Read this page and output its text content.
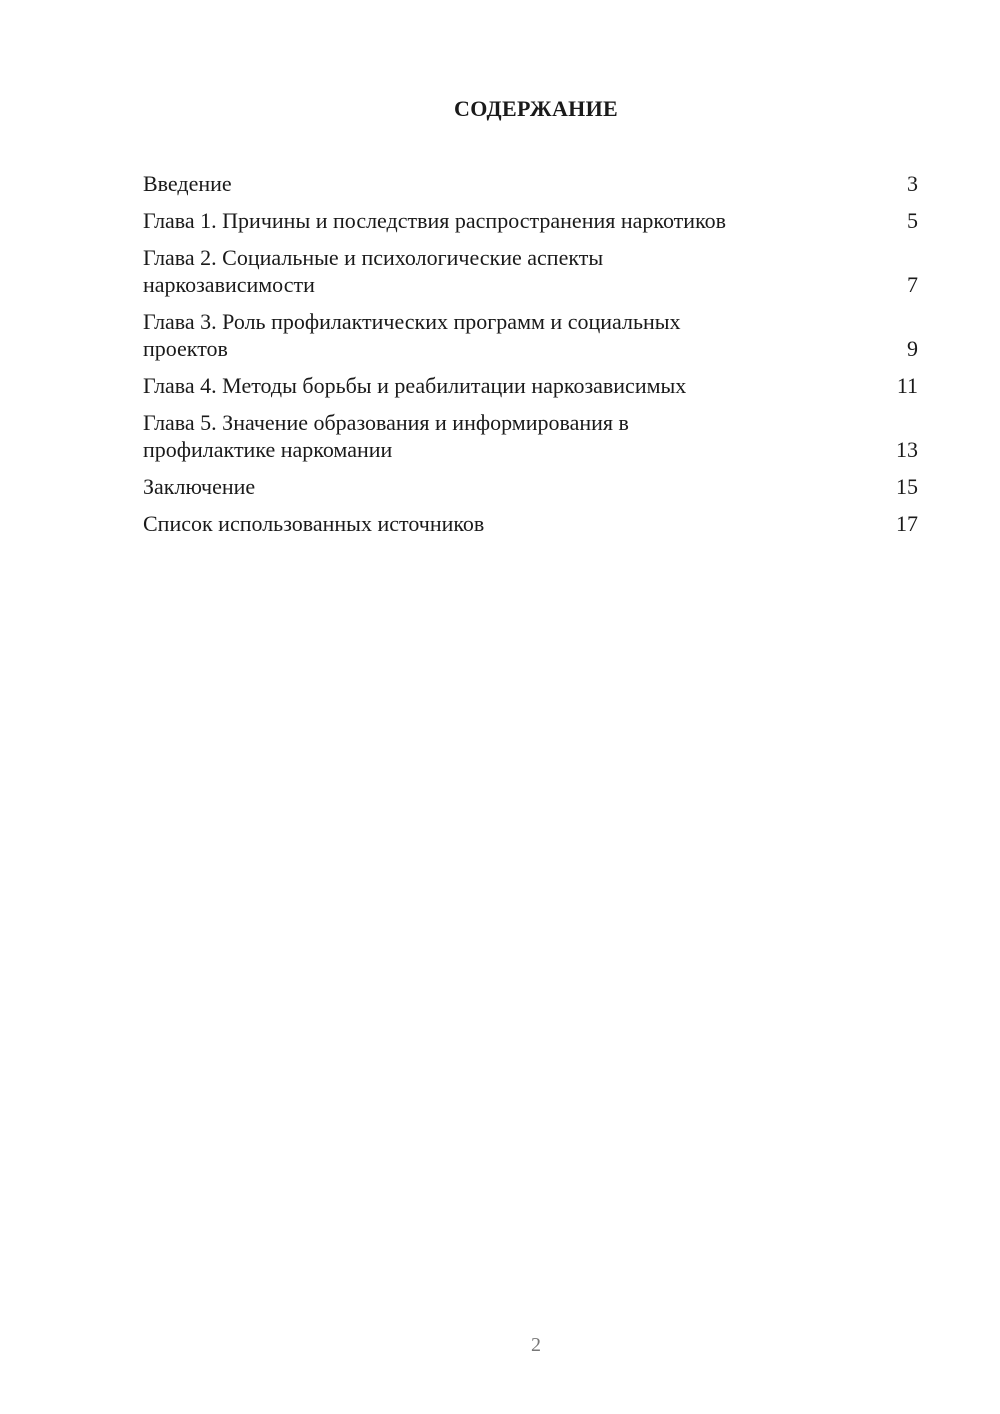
СОДЕРЖАНИЕ
Введение	3
Глава 1. Причины и последствия распространения наркотиков	5
Глава 2. Социальные и психологические аспекты
наркозависимости	7
Глава 3. Роль профилактических программ и социальных
проектов	9
Глава 4. Методы борьбы и реабилитации наркозависимых	11
Глава 5. Значение образования и информирования в
профилактике наркомании	13
Заключение	15
Список использованных источников	17
2
